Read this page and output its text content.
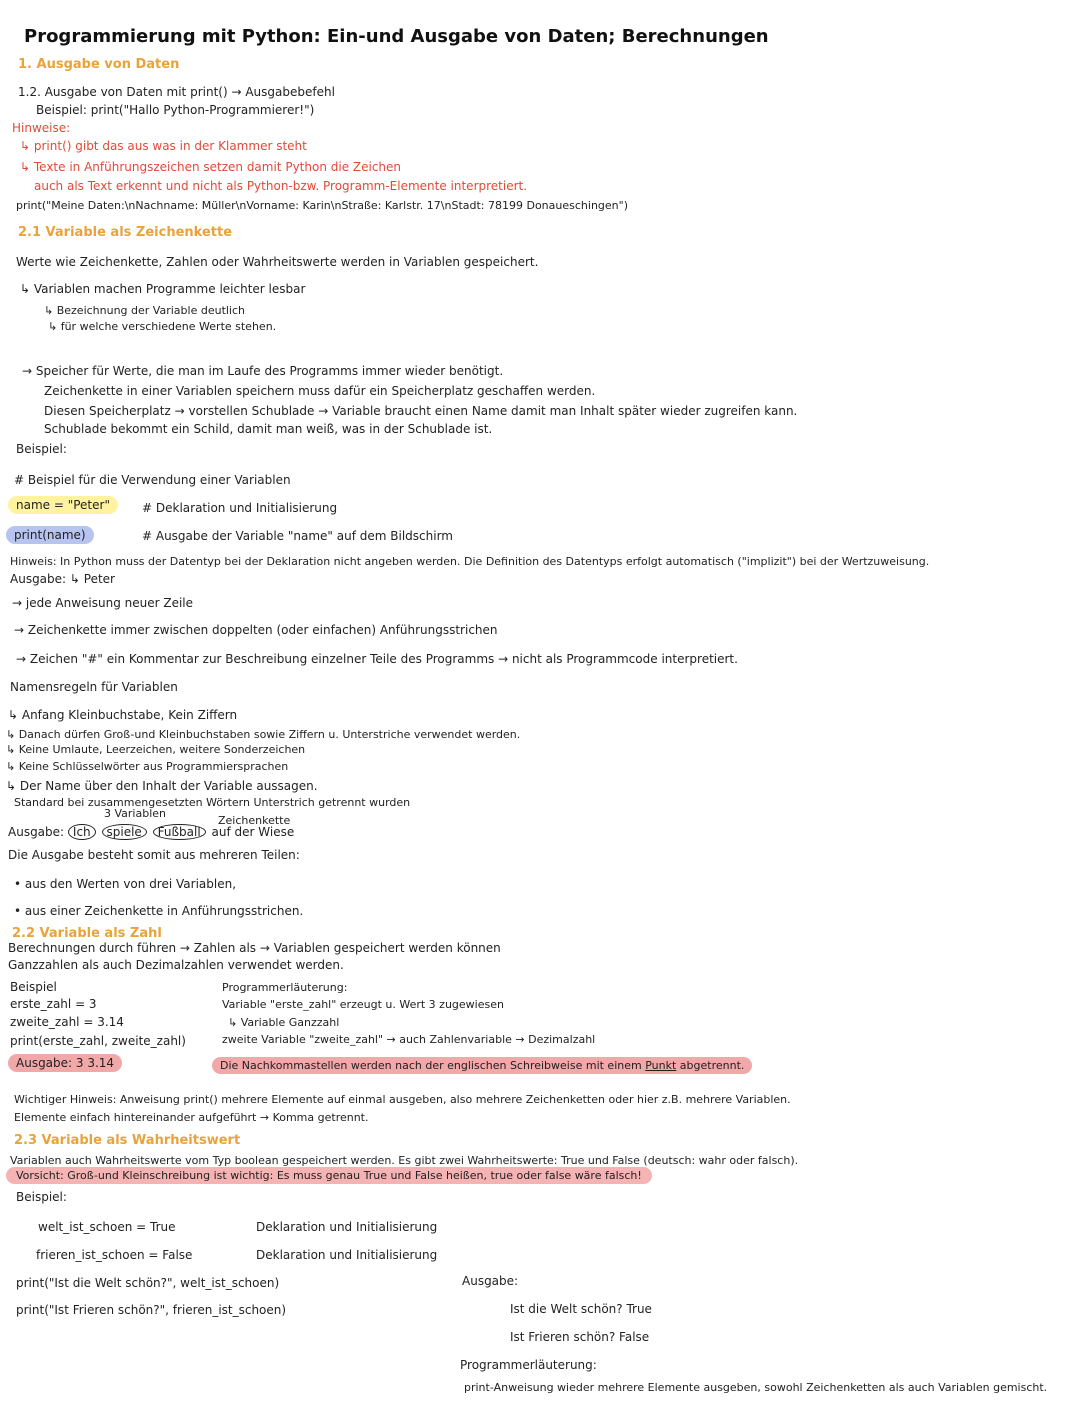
Programmierung mit Python: Ein-und Ausgabe von Daten; Berechnungen
1. Ausgabe von Daten
1.2. Ausgabe von Daten mit print() → Ausgabebefehl
Beispiel: print("Hallo Python-Programmierer!")
Hinweise:
↳ print() gibt das aus was in der Klammer steht
↳ Texte in Anführungszeichen setzen damit Python die Zeichen
auch als Text erkennt und nicht als Python-bzw. Programm-Elemente interpretiert.
print("Meine Daten:\nNachname: Müller\nVorname: Karin\nStraße: Karlstr. 17\nStadt: 78199 Donaueschingen")
2.1 Variable als Zeichenkette
Werte wie Zeichenkette, Zahlen oder Wahrheitswerte werden in Variablen gespeichert.
↳ Variablen machen Programme leichter lesbar
↳ Bezeichnung der Variable deutlich
↳ für welche verschiedene Werte stehen.
→ Speicher für Werte, die man im Laufe des Programms immer wieder benötigt.
Zeichenkette in einer Variablen speichern muss dafür ein Speicherplatz geschaffen werden.
Diesen Speicherplatz → vorstellen Schublade → Variable braucht einen Name damit man Inhalt später wieder zugreifen kann.
Schublade bekommt ein Schild, damit man weiß, was in der Schublade ist.
Beispiel:
# Beispiel für die Verwendung einer Variablen
name = "Peter"	# Deklaration und Initialisierung
print(name)	# Ausgabe der Variable "name" auf dem Bildschirm
Hinweis: In Python muss der Datentyp bei der Deklaration nicht angeben werden. Die Definition des Datentyps erfolgt automatisch ("implizit") bei der Wertzuweisung.
Ausgabe: ↳ Peter
→ jede Anweisung neuer Zeile
→ Zeichenkette immer zwischen doppelten (oder einfachen) Anführungsstrichen
→ Zeichen "#" ein Kommentar zur Beschreibung einzelner Teile des Programms → nicht als Programmcode interpretiert.
Namensregeln für Variablen
↳ Anfang Kleinbuchstabe, Kein Ziffern
↳ Danach dürfen Groß-und Kleinbuchstaben sowie Ziffern u. Unterstriche verwendet werden.
↳ Keine Umlaute, Leerzeichen, weitere Sonderzeichen
↳ Keine Schlüsselwörter aus Programmiersprachen
↳ Der Name über den Inhalt der Variable aussagen.
Standard bei zusammengesetzten Wörtern Unterstrich getrennt wurden
3 Variablen
Zeichenkette
Ausgabe: Ich spiele Fußball auf der Wiese
Die Ausgabe besteht somit aus mehreren Teilen:
• aus den Werten von drei Variablen,
• aus einer Zeichenkette in Anführungsstrichen.
2.2 Variable als Zahl
Berechnungen durch führen → Zahlen als → Variablen gespeichert werden können
Ganzzahlen als auch Dezimalzahlen verwendet werden.
Beispiel
erste_zahl = 3
zweite_zahl = 3.14
print(erste_zahl, zweite_zahl)
Ausgabe: 3 3.14
Programmerläuterung:
Variable "erste_zahl" erzeugt u. Wert 3 zugewiesen
↳ Variable Ganzzahl
zweite Variable "zweite_zahl" → auch Zahlenvariable → Dezimalzahl
Die Nachkommastellen werden nach der englischen Schreibweise mit einem Punkt abgetrennt.
Wichtiger Hinweis: Anweisung print() mehrere Elemente auf einmal ausgeben, also mehrere Zeichenketten oder hier z.B. mehrere Variablen.
Elemente einfach hintereinander aufgeführt → Komma getrennt.
2.3 Variable als Wahrheitswert
Variablen auch Wahrheitswerte vom Typ boolean gespeichert werden. Es gibt zwei Wahrheitswerte: True und False (deutsch: wahr oder falsch).
Vorsicht: Groß-und Kleinschreibung ist wichtig: Es muss genau True und False heißen, true oder false wäre falsch!
Beispiel:
welt_ist_schoen = True	Deklaration und Initialisierung
frieren_ist_schoen = False	Deklaration und Initialisierung
print("Ist die Welt schön?", welt_ist_schoen)	Ausgabe:
print("Ist Frieren schön?", frieren_ist_schoen)	Ist die Welt schön? True
Ist Frieren schön? False
Programmerläuterung:
print-Anweisung wieder mehrere Elemente ausgeben, sowohl Zeichenketten als auch Variablen gemischt.
